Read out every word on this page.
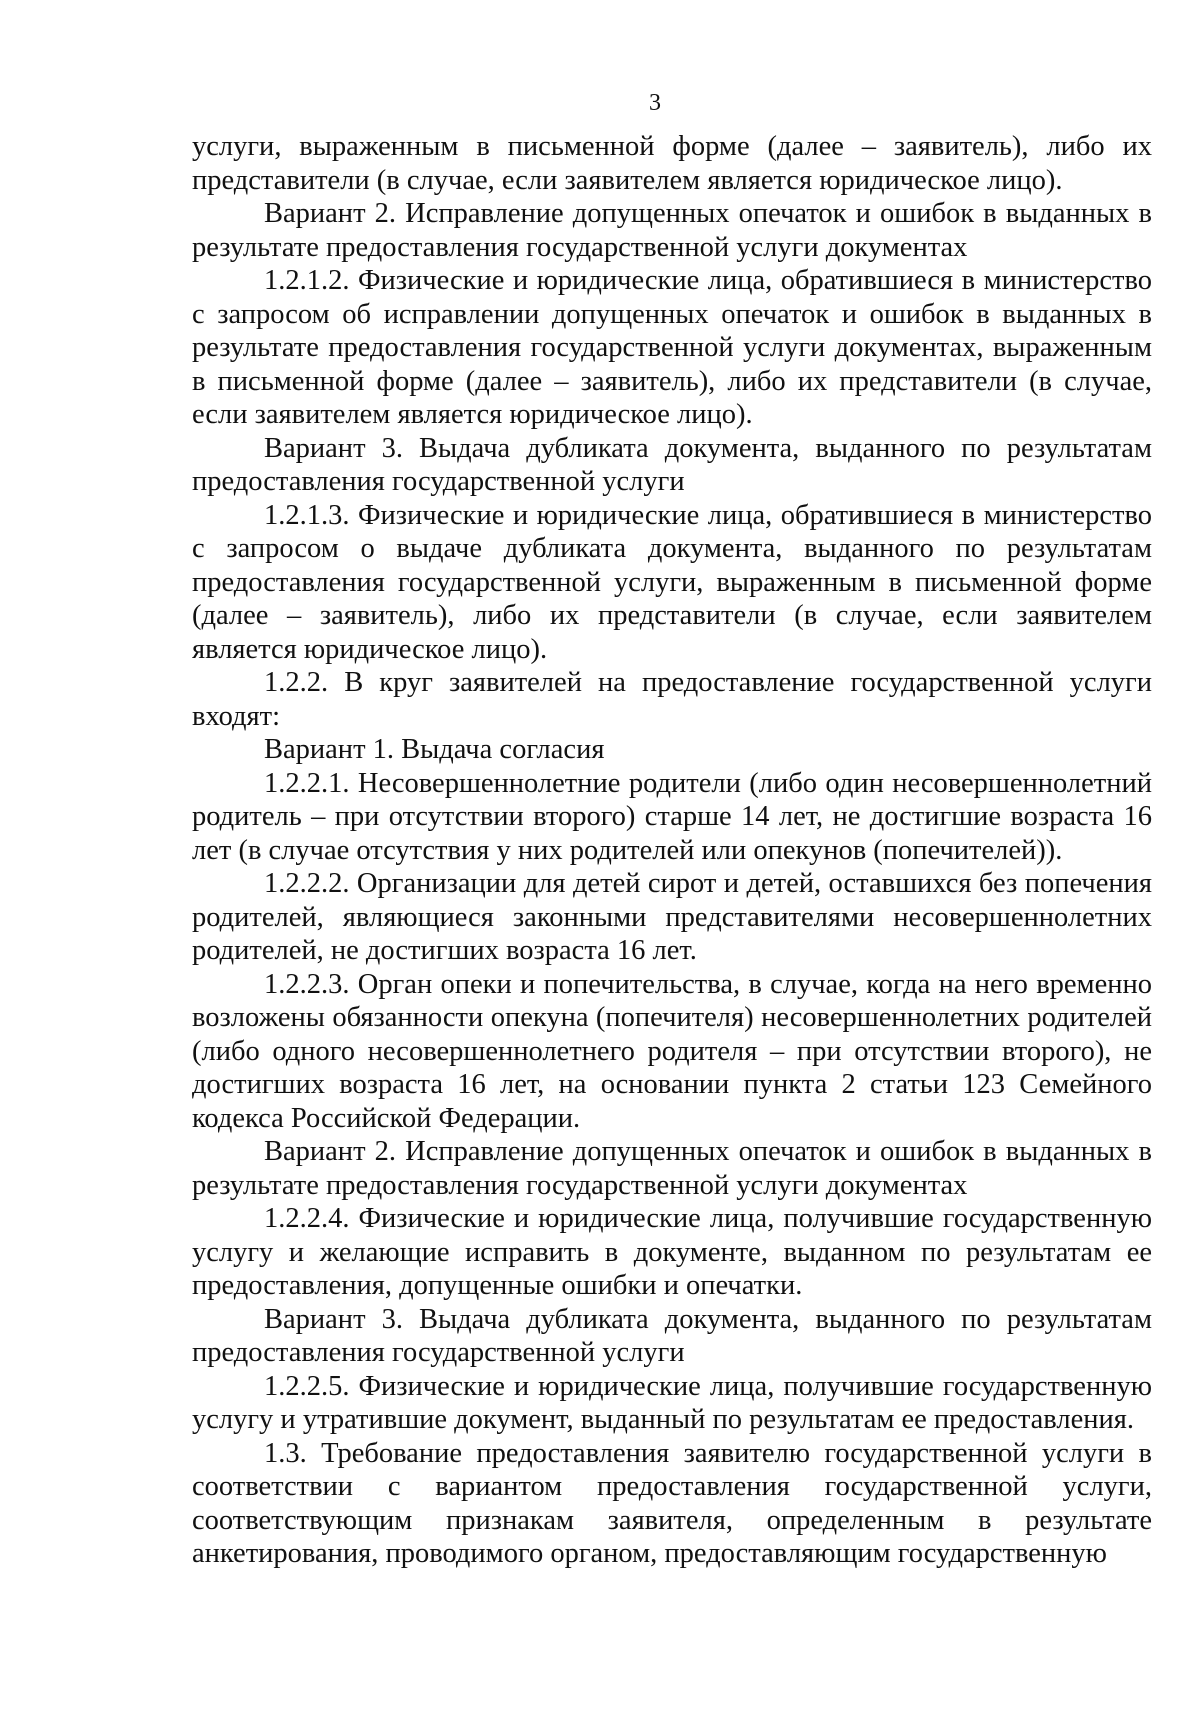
3

услуги, выраженным в письменной форме (далее – заявитель), либо их представители (в случае, если заявителем является юридическое лицо).

Вариант 2. Исправление допущенных опечаток и ошибок в выданных в результате предоставления государственной услуги документах

1.2.1.2. Физические и юридические лица, обратившиеся в министерство с запросом об исправлении допущенных опечаток и ошибок в выданных в результате предоставления государственной услуги документах, выраженным в письменной форме (далее – заявитель), либо их представители (в случае, если заявителем является юридическое лицо).

Вариант 3. Выдача дубликата документа, выданного по результатам предоставления государственной услуги

1.2.1.3. Физические и юридические лица, обратившиеся в министерство с запросом о выдаче дубликата документа, выданного по результатам предоставления государственной услуги, выраженным в письменной форме (далее – заявитель), либо их представители (в случае, если заявителем является юридическое лицо).

1.2.2. В круг заявителей на предоставление государственной услуги входят:

Вариант 1. Выдача согласия

1.2.2.1. Несовершеннолетние родители (либо один несовершеннолетний родитель – при отсутствии второго) старше 14 лет, не достигшие возраста 16 лет (в случае отсутствия у них родителей или опекунов (попечителей)).

1.2.2.2. Организации для детей сирот и детей, оставшихся без попечения родителей, являющиеся законными представителями несовершеннолетних родителей, не достигших возраста 16 лет.

1.2.2.3. Орган опеки и попечительства, в случае, когда на него временно возложены обязанности опекуна (попечителя) несовершеннолетних родителей (либо одного несовершеннолетнего родителя – при отсутствии второго), не достигших возраста 16 лет, на основании пункта 2 статьи 123 Семейного кодекса Российской Федерации.

Вариант 2. Исправление допущенных опечаток и ошибок в выданных в результате предоставления государственной услуги документах

1.2.2.4. Физические и юридические лица, получившие государственную услугу и желающие исправить в документе, выданном по результатам ее предоставления, допущенные ошибки и опечатки.

Вариант 3. Выдача дубликата документа, выданного по результатам предоставления государственной услуги

1.2.2.5. Физические и юридические лица, получившие государственную услугу и утратившие документ, выданный по результатам ее предоставления.

1.3. Требование предоставления заявителю государственной услуги в соответствии с вариантом предоставления государственной услуги, соответствующим признакам заявителя, определенным в результате анкетирования, проводимого органом, предоставляющим государственную
